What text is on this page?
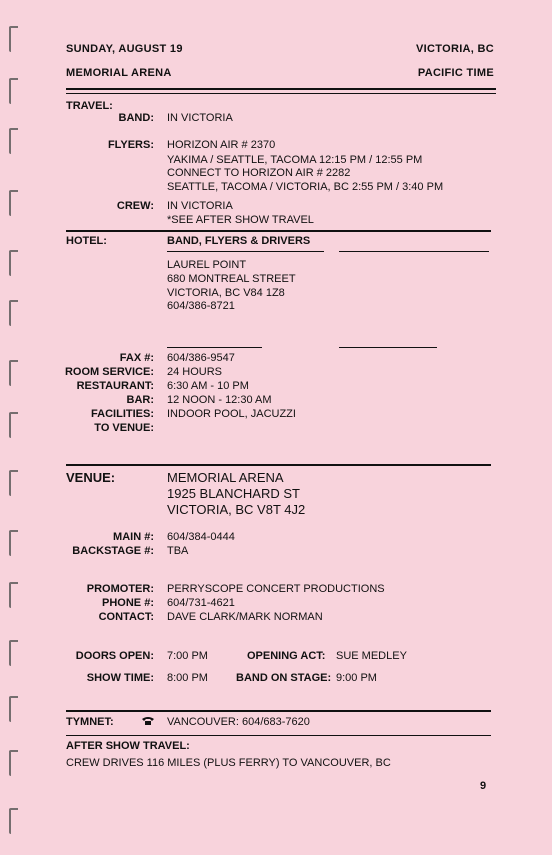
SUNDAY, AUGUST 19	VICTORIA, BC
MEMORIAL ARENA	PACIFIC TIME
TRAVEL:
BAND: IN VICTORIA
FLYERS: HORIZON AIR # 2370
YAKIMA / SEATTLE, TACOMA 12:15 PM / 12:55 PM
CONNECT TO HORIZON AIR # 2282
SEATTLE, TACOMA / VICTORIA, BC 2:55 PM / 3:40 PM
CREW: IN VICTORIA
*SEE AFTER SHOW TRAVEL
HOTEL:	BAND, FLYERS & DRIVERS
LAUREL POINT
680 MONTREAL STREET
VICTORIA, BC V84 1Z8
604/386-8721
FAX #: 604/386-9547
ROOM SERVICE: 24 HOURS
RESTAURANT: 6:30 AM - 10 PM
BAR: 12 NOON - 12:30 AM
FACILITIES: INDOOR POOL, JACUZZI
TO VENUE:
VENUE:	MEMORIAL ARENA
1925 BLANCHARD ST
VICTORIA, BC V8T 4J2
MAIN #: 604/384-0444
BACKSTAGE #: TBA
PROMOTER: PERRYSCOPE CONCERT PRODUCTIONS
PHONE #: 604/731-4621
CONTACT: DAVE CLARK/MARK NORMAN
DOORS OPEN: 7:00 PM	OPENING ACT: SUE MEDLEY
SHOW TIME: 8:00 PM	BAND ON STAGE: 9:00 PM
TYMNET:	VANCOUVER: 604/683-7620
AFTER SHOW TRAVEL:
CREW DRIVES 116 MILES (PLUS FERRY) TO VANCOUVER, BC
9
